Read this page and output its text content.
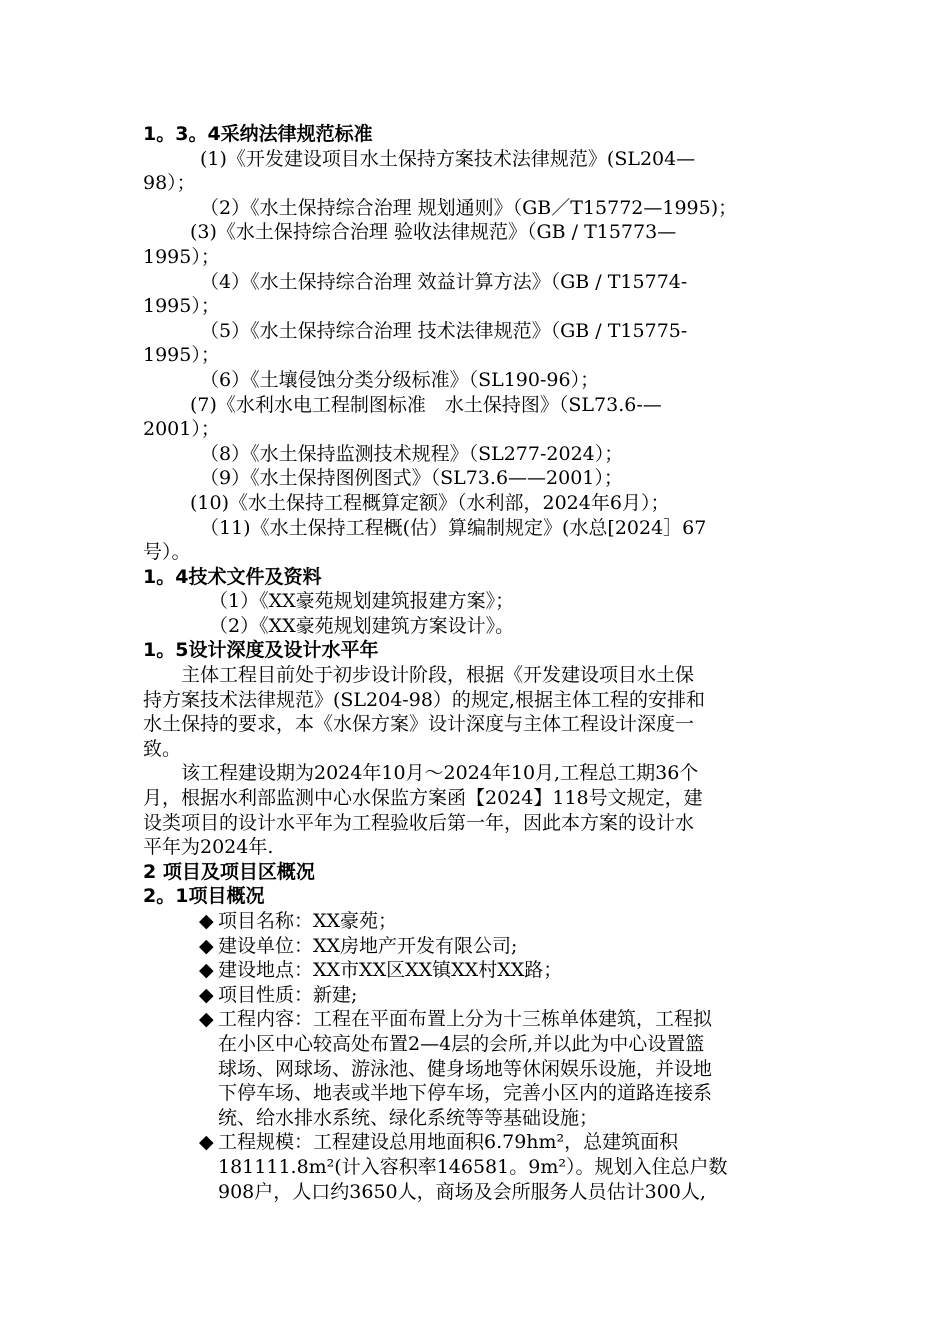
1。3。4采纳法律规范标准
(1)《开发建设项目水土保持方案技术法律规范》(SL204—
98）；
（2）《水土保持综合治理 规划通则》（GB／T15772—1995)；
(3)《水土保持综合治理 验收法律规范》（GB / T15773—
1995）；
（4）《水土保持综合治理 效益计算方法》（GB / T15774-
1995）；
（5）《水土保持综合治理 技术法律规范》（GB / T15775-
1995）；
（6）《土壤侵蚀分类分级标准》（SL190-96）；
(7)《水利水电工程制图标准　水土保持图》（SL73.6-—
2001）；
（8）《水土保持监测技术规程》（SL277-2024）；
（9）《水土保持图例图式》（SL73.6——2001）；
(10)《水土保持工程概算定额》（水利部，2024年6月）；
（11)《水土保持工程概(估）算编制规定》(水总[2024］67
号）。
1。4技术文件及资料
（1）《XX豪苑规划建筑报建方案》；
（2）《XX豪苑规划建筑方案设计》。
1。5设计深度及设计水平年
主体工程目前处于初步设计阶段，根据《开发建设项目水土保
持方案技术法律规范》(SL204-98）的规定,根据主体工程的安排和
水土保持的要求，本《水保方案》设计深度与主体工程设计深度一
致。
该工程建设期为2024年10月～2024年10月,工程总工期36个
月，根据水利部监测中心水保监方案函【2024】118号文规定，建
设类项目的设计水平年为工程验收后第一年，因此本方案的设计水
平年为2024年.
2 项目及项目区概况
2。1项目概况
◆ 项目名称：XX豪苑；
◆ 建设单位：XX房地产开发有限公司;
◆ 建设地点：XX市XX区XX镇XX村XX路；
◆ 项目性质：新建;
◆ 工程内容：工程在平面布置上分为十三栋单体建筑，工程拟
在小区中心较高处布置2—4层的会所,并以此为中心设置篮
球场、网球场、游泳池、健身场地等休闲娱乐设施，并设地
下停车场、地表或半地下停车场，完善小区内的道路连接系
统、给水排水系统、绿化系统等等基础设施；
◆ 工程规模：工程建设总用地面积6.79hm²，总建筑面积
181111.8m²(计入容积率146581。9m²）。规划入住总户数
908户，人口约3650人，商场及会所服务人员估计300人,
